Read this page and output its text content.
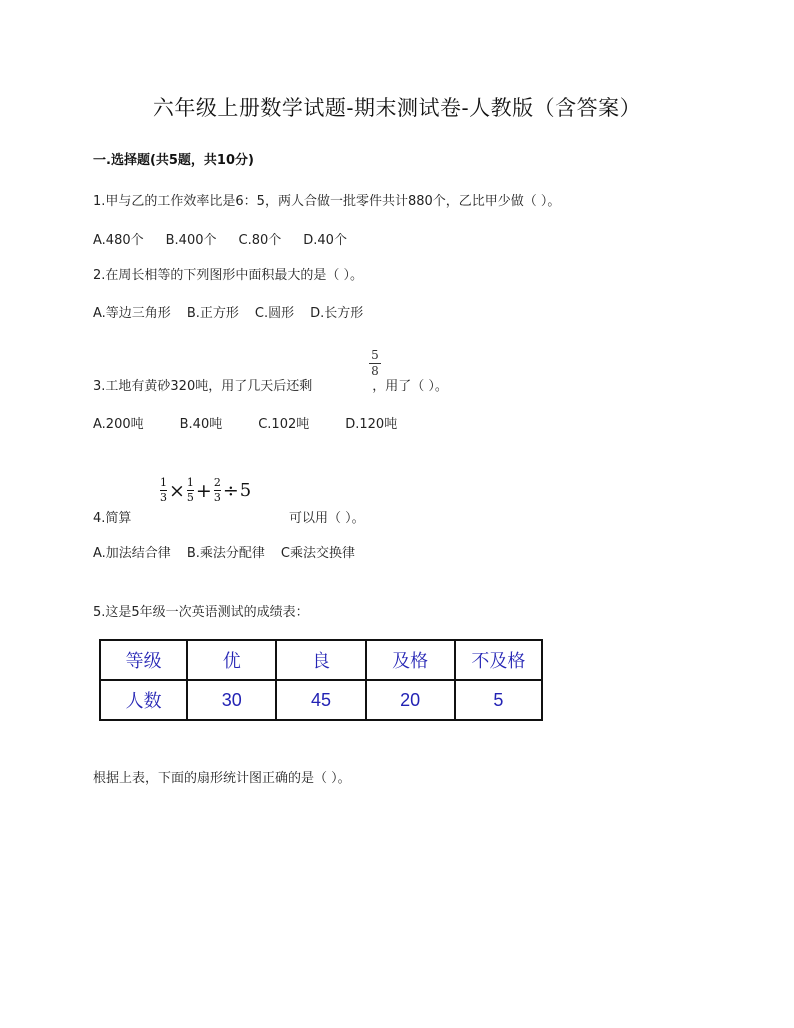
六年级上册数学试题-期末测试卷-人教版（含答案）
一.选择题(共5题，共10分)
1.甲与乙的工作效率比是6：5，两人合做一批零件共计880个，乙比甲少做（ ）。
A.480个 B.400个 C.80个 D.40个
2.在周长相等的下列图形中面积最大的是（ ）。
A.等边三角形 B.正方形 C.圆形 D.长方形
5
8
3.工地有黄砂320吨，用了几天后还剩	，用了（ ）。
A.200吨	B.40吨	C.102吨	D.120吨
$\frac{1}{3} \times \frac{1}{5} + \frac{2}{3} \div 5$
4.简算	可以用（ ）。
A.加法结合律 B.乘法分配律 C乘法交换律
5.这是5年级一次英语测试的成绩表：
等级	优	良	及格	不及格
人数	30	45	20	5
根据上表，下面的扇形统计图正确的是（ ）。
